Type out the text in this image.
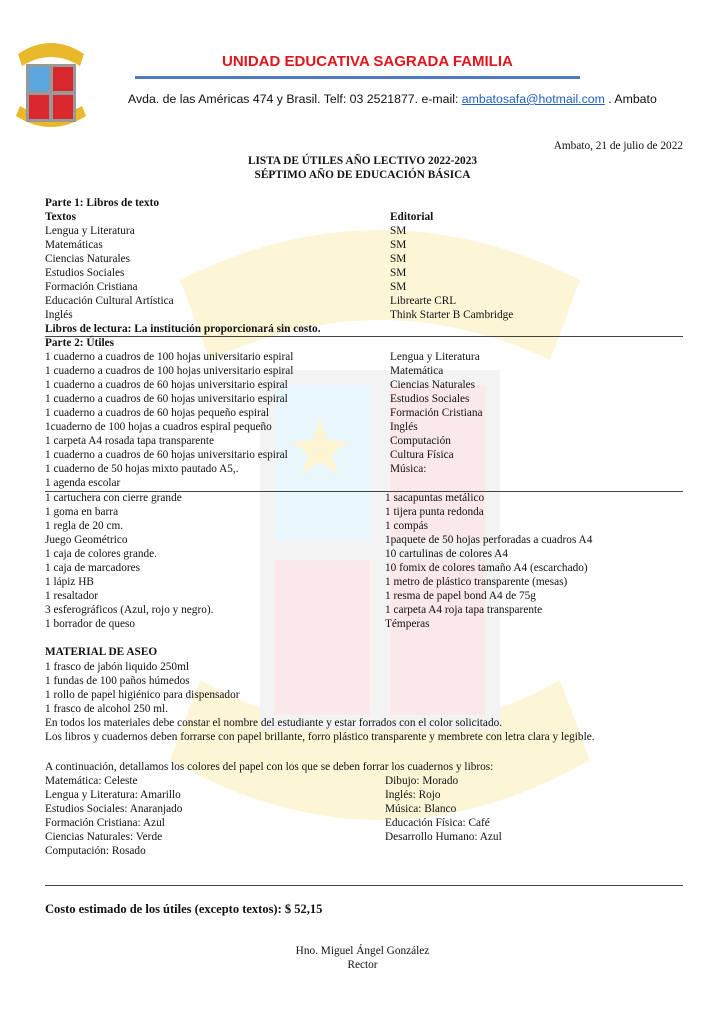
UNIDAD EDUCATIVA SAGRADA FAMILIA
Avda. de las Américas 474 y Brasil. Telf: 03 2521877. e-mail: ambatosafa@hotmail.com . Ambato
Ambato, 21 de julio de 2022
LISTA DE ÚTILES AÑO LECTIVO 2022-2023
SÉPTIMO AÑO DE EDUCACIÓN BÁSICA
Parte 1: Libros de texto
Textos	Editorial
Lengua y Literatura	SM
Matemáticas	SM
Ciencias Naturales	SM
Estudios Sociales	SM
Formación Cristiana	SM
Educación Cultural Artística	Librearte CRL
Inglés	Think Starter B Cambridge
Libros de lectura: La institución proporcionará sin costo.
Parte 2: Útiles
1 cuaderno a cuadros de 100 hojas universitario espiral	Lengua y Literatura
1 cuaderno a cuadros de 100 hojas universitario espiral	Matemática
1 cuaderno a cuadros de 60 hojas universitario espiral	Ciencias Naturales
1 cuaderno a cuadros de 60 hojas universitario espiral	Estudios Sociales
1 cuaderno a cuadros de 60 hojas pequeño espiral	Formación Cristiana
1cuaderno de 100 hojas a cuadros espiral pequeño	Inglés
1 carpeta A4 rosada tapa transparente	Computación
1 cuaderno a cuadros de 60 hojas universitario espiral	Cultura Física
1 cuaderno de 50 hojas mixto pautado A5,.	Música:
1 agenda escolar
1 cartuchera con cierre grande	1 sacapuntas metálico
1 goma en barra	1 tijera punta redonda
1 regla de 20 cm.	1 compás
Juego Geométrico	1paquete de 50 hojas perforadas a cuadros A4
1 caja de colores grande.	10 cartulinas de colores A4
1 caja de marcadores	10 fomix de colores tamaño A4 (escarchado)
1 lápiz HB	1 metro de plástico transparente (mesas)
1 resaltador	1 resma de papel bond A4 de 75g
3 esferográficos (Azul, rojo y negro).	1 carpeta A4 roja tapa transparente
1 borrador de queso	Témperas
MATERIAL DE ASEO
1 frasco de jabón liquido 250ml
1 fundas de 100 paños húmedos
1 rollo de papel higiénico para dispensador
1 frasco de alcohol 250 ml.
En todos los materiales debe constar el nombre del estudiante y estar forrados con el color solicitado.
Los libros y cuadernos deben forrarse con papel brillante, forro plástico transparente y membrete con letra clara y legible.
A continuación, detallamos los colores del papel con los que se deben forrar los cuadernos y libros:
Matemática: Celeste	Dibujo: Morado
Lengua y Literatura: Amarillo	Inglés: Rojo
Estudios Sociales: Anaranjado	Música: Blanco
Formación Cristiana: Azul	Educación Física: Café
Ciencias Naturales: Verde	Desarrollo Humano: Azul
Computación: Rosado
Costo estimado de los útiles (excepto textos): $ 52,15
Hno. Miguel Ángel González
Rector
